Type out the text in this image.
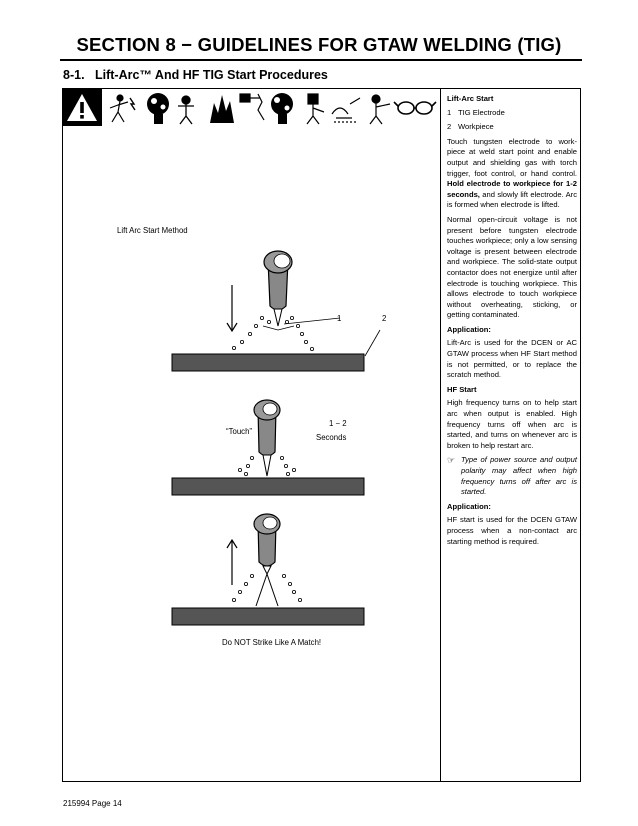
SECTION 8 − GUIDELINES FOR GTAW WELDING (TIG)
8-1. Lift-Arc™ And HF TIG Start Procedures
Lift Arc Start Method
1	2
“Touch”
1 − 2
Seconds
Do NOT Strike Like A Match!

Lift-Arc Start

1 TIG Electrode

2 Workpiece

Touch tungsten electrode to work-piece at weld start point and enable output and shielding gas with torch trigger, foot control, or hand control. Hold electrode to workpiece for 1-2 seconds, and slowly lift electrode. Arc is formed when electrode is lifted.

Normal open-circuit voltage is not present before tungsten electrode touches workpiece; only a low sensing voltage is present between electrode and workpiece. The solid-state output contactor does not energize until after electrode is touching workpiece. This allows electrode to touch workpiece without overheating, sticking, or getting contaminated.

Application:

Lift-Arc is used for the DCEN or AC GTAW process when HF Start method is not permitted, or to replace the scratch method.

HF Start

High frequency turns on to help start arc when output is enabled. High frequency turns off when arc is started, and turns on whenever arc is broken to help restart arc.

☞ Type of power source and output polarity may affect when high frequency turns off after arc is started.

Application:

HF start is used for the DCEN GTAW process when a non-contact arc starting method is required.

215994 Page 14
